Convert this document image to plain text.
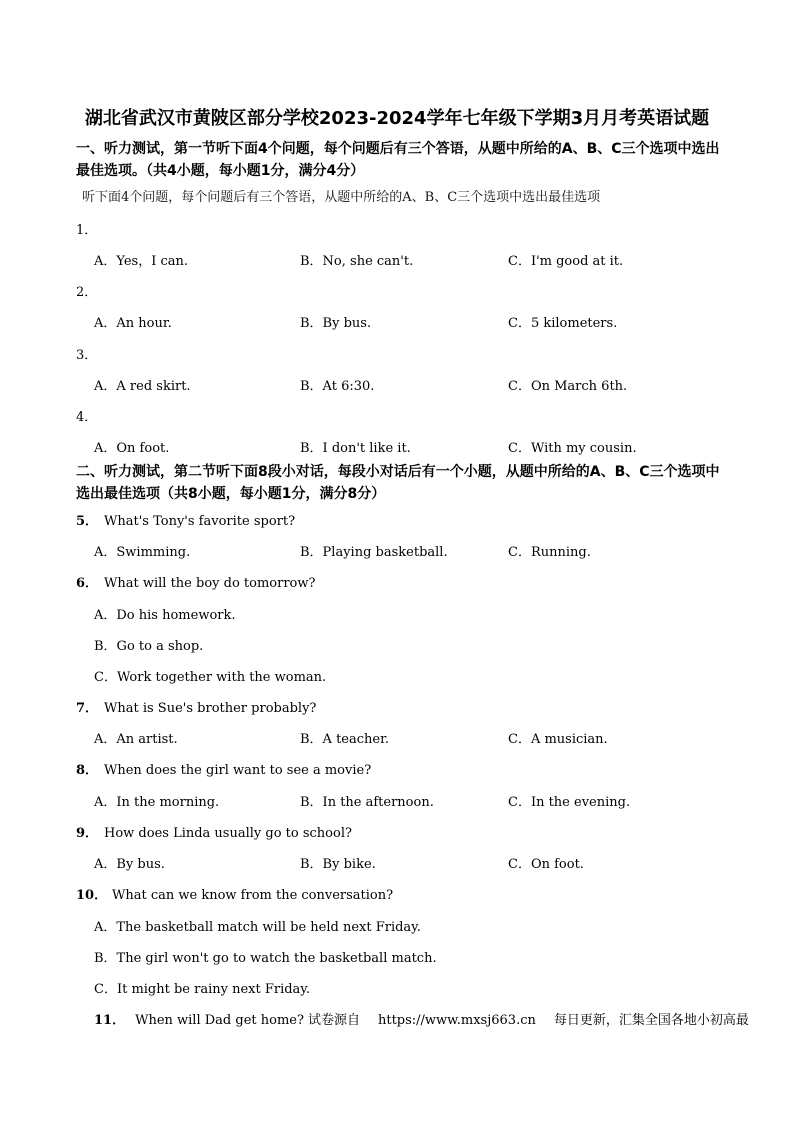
湖北省武汉市黄陂区部分学校2023-2024学年七年级下学期3月月考英语试题
一、听力测试，第一节听下面4个问题，每个问题后有三个答语，从题中所给的A、B、C三个选项中选出最佳选项。（共4小题，每小题1分，满分4分）
听下面4个问题，每个问题后有三个答语，从题中所给的A、B、C三个选项中选出最佳选项
1．
A．Yes，I can.	B．No, she can't.	C．I'm good at it.
2．
A．An hour.	B．By bus.	C．5 kilometers.
3．
A．A red skirt.	B．At 6:30.	C．On March 6th.
4．
A．On foot.	B．I don't like it.	C．With my cousin.
二、听力测试，第二节听下面8段小对话，每段小对话后有一个小题，从题中所给的A、B、C三个选项中选出最佳选项（共8小题，每小题1分，满分8分）
5． What's Tony's favorite sport?
A．Swimming.	B．Playing basketball.	C．Running.
6． What will the boy do tomorrow?
A．Do his homework.
B．Go to a shop.
C．Work together with the woman.
7． What is Sue's brother probably?
A．An artist.	B．A teacher.	C．A musician.
8． When does the girl want to see a movie?
A．In the morning.	B．In the afternoon.	C．In the evening.
9． How does Linda usually go to school?
A．By bus.	B．By bike.	C．On foot.
10． What can we know from the conversation?
A．The basketball match will be held next Friday.
B．The girl won't go to watch the basketball match.
C．It might be rainy next Friday.
11． When will Dad get home? 试卷源自 https://www.mxsj663.cn 每日更新，汇集全国各地小初高最
